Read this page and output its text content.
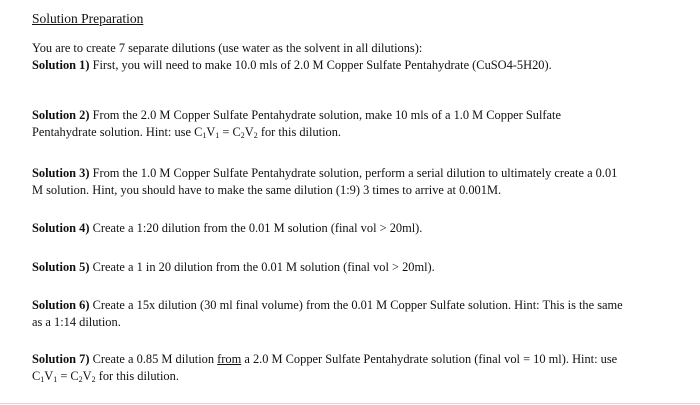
Solution Preparation

You are to create 7 separate dilutions (use water as the solvent in all dilutions):
Solution 1) First, you will need to make 10.0 mls of 2.0 M Copper Sulfate Pentahydrate (CuSO4-5H20).

Solution 2) From the 2.0 M Copper Sulfate Pentahydrate solution, make 10 mls of a 1.0 M Copper Sulfate
Pentahydrate solution. Hint: use $C_1V_1 = C_2V_2$ for this dilution.

Solution 3) From the 1.0 M Copper Sulfate Pentahydrate solution, perform a serial dilution to ultimately create a 0.01
M solution. Hint, you should have to make the same dilution (1:9) 3 times to arrive at 0.001M.

Solution 4) Create a 1:20 dilution from the 0.01 M solution (final vol > 20ml).

Solution 5) Create a 1 in 20 dilution from the 0.01 M solution (final vol > 20ml).

Solution 6) Create a 15x dilution (30 ml final volume) from the 0.01 M Copper Sulfate solution. Hint: This is the same
as a 1:14 dilution.

Solution 7) Create a 0.85 M dilution from a 2.0 M Copper Sulfate Pentahydrate solution (final vol = 10 ml). Hint: use
$C_1V_1 = C_2V_2$ for this dilution.
